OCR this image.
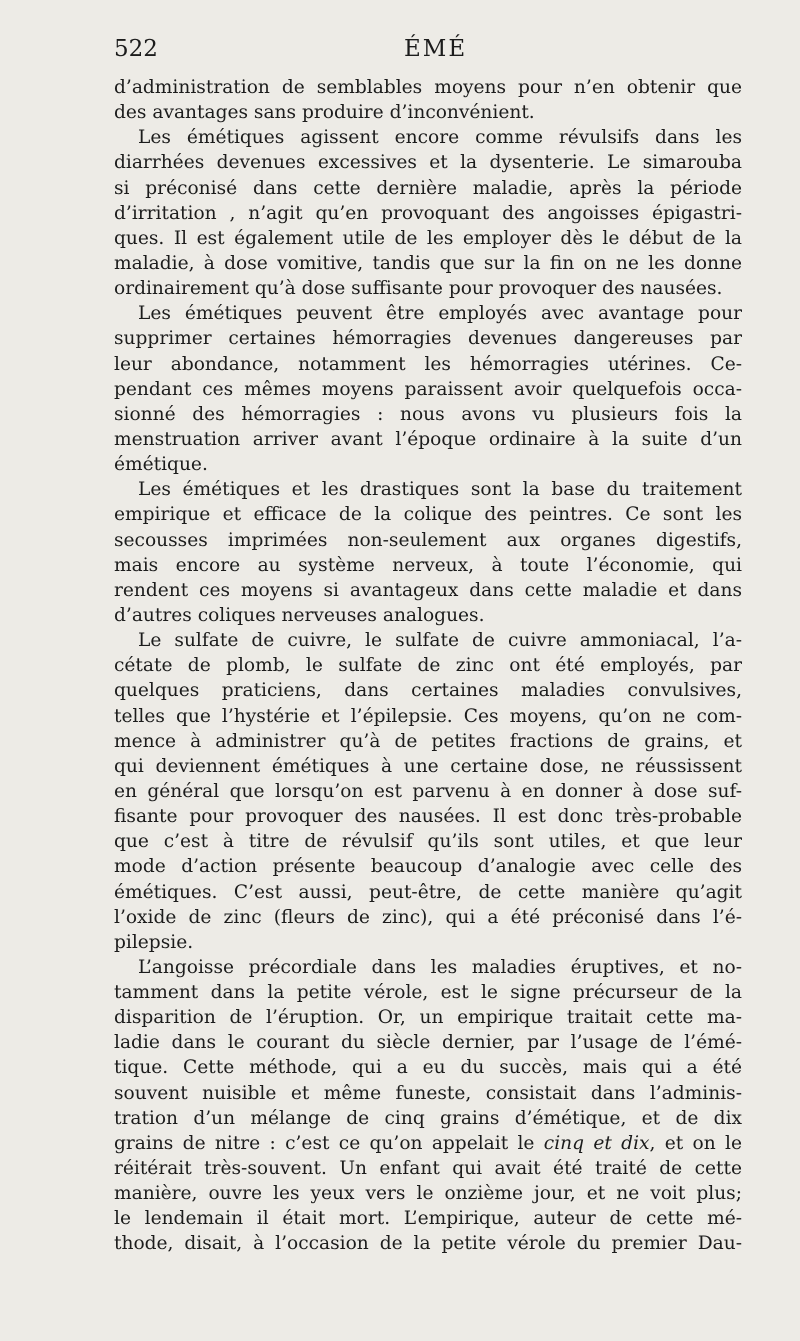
522	ÉMÉ
d’administration de semblables moyens pour n’en obtenir que
des avantages sans produire d’inconvénient.
Les émétiques agissent encore comme révulsifs dans les
diarrhées devenues excessives et la dysenterie. Le simarouba
si préconisé dans cette dernière maladie, après la période
d’irritation , n’agit qu’en provoquant des angoisses épigastri-
ques. Il est également utile de les employer dès le début de la
maladie, à dose vomitive, tandis que sur la fin on ne les donne
ordinairement qu’à dose suffisante pour provoquer des nausées.
Les émétiques peuvent être employés avec avantage pour
supprimer certaines hémorragies devenues dangereuses par
leur abondance, notamment les hémorragies utérines. Ce-
pendant ces mêmes moyens paraissent avoir quelquefois occa-
sionné des hémorragies : nous avons vu plusieurs fois la
menstruation arriver avant l’époque ordinaire à la suite d’un
émétique.
Les émétiques et les drastiques sont la base du traitement
empirique et efficace de la colique des peintres. Ce sont les
secousses imprimées non-seulement aux organes digestifs,
mais encore au système nerveux, à toute l’économie, qui
rendent ces moyens si avantageux dans cette maladie et dans
d’autres coliques nerveuses analogues.
Le sulfate de cuivre, le sulfate de cuivre ammoniacal, l’a-
cétate de plomb, le sulfate de zinc ont été employés, par
quelques praticiens, dans certaines maladies convulsives,
telles que l’hystérie et l’épilepsie. Ces moyens, qu’on ne com-
mence à administrer qu’à de petites fractions de grains, et
qui deviennent émétiques à une certaine dose, ne réussissent
en général que lorsqu’on est parvenu à en donner à dose suf-
fisante pour provoquer des nausées. Il est donc très-probable
que c’est à titre de révulsif qu’ils sont utiles, et que leur
mode d’action présente beaucoup d’analogie avec celle des
émétiques. C’est aussi, peut-être, de cette manière qu’agit
l’oxide de zinc (fleurs de zinc), qui a été préconisé dans l’é-
pilepsie.
L’angoisse précordiale dans les maladies éruptives, et no-
tamment dans la petite vérole, est le signe précurseur de la
disparition de l’éruption. Or, un empirique traitait cette ma-
ladie dans le courant du siècle dernier, par l’usage de l’émé-
tique. Cette méthode, qui a eu du succès, mais qui a été
souvent nuisible et même funeste, consistait dans l’adminis-
tration d’un mélange de cinq grains d’émétique, et de dix
grains de nitre : c’est ce qu’on appelait le cinq et dix, et on le
réitérait très-souvent. Un enfant qui avait été traité de cette
manière, ouvre les yeux vers le onzième jour, et ne voit plus;
le lendemain il était mort. L’empirique, auteur de cette mé-
thode, disait, à l’occasion de la petite vérole du premier Dau-
